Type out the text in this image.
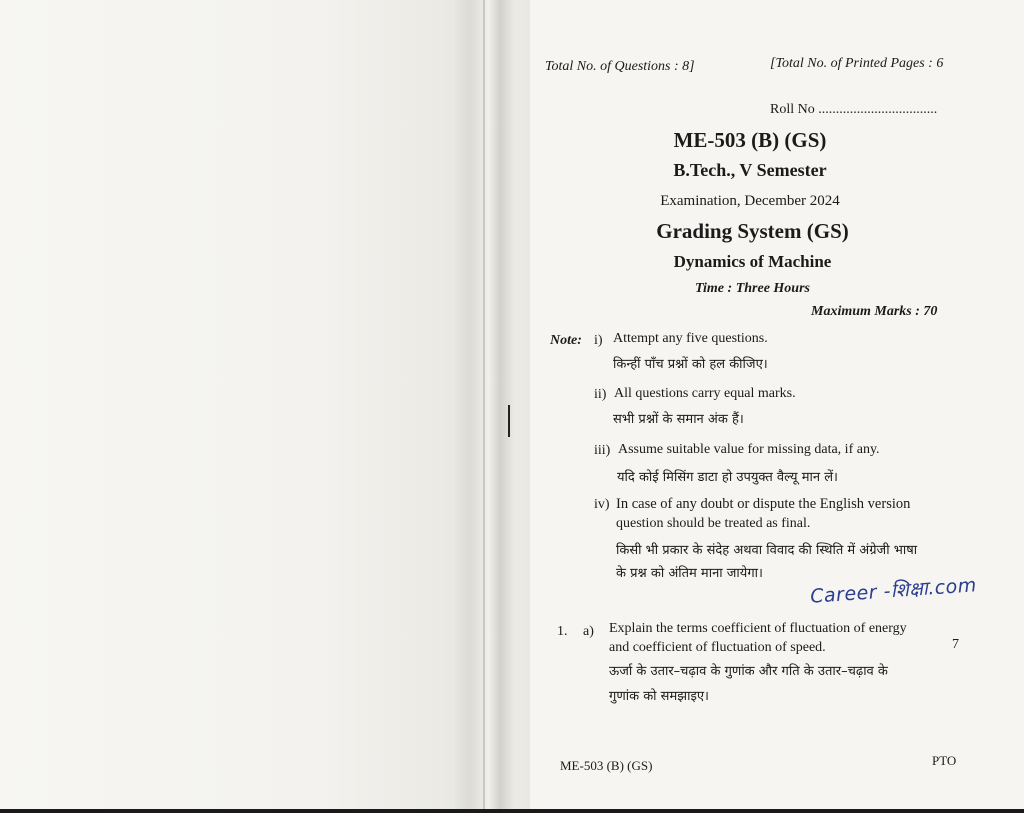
Total No. of Questions : 8]	[Total No. of Printed Pages : 6
Roll No ..................................
ME-503 (B) (GS)
B.Tech., V Semester
Examination, December 2024
Grading System (GS)
Dynamics of Machine
Time : Three Hours
Maximum Marks : 70
Note: i) Attempt any five questions.
किन्हीं पाँच प्रश्नों को हल कीजिए।
ii) All questions carry equal marks.
सभी प्रश्नों के समान अंक हैं।
iii) Assume suitable value for missing data, if any.
यदि कोई मिसिंग डाटा हो उपयुक्त वैल्यू मान लें।
iv) In case of any doubt or dispute the English version
question should be treated as final.
किसी भी प्रकार के संदेह अथवा विवाद की स्थिति में अंग्रेजी भाषा
के प्रश्न को अंतिम माना जायेगा।
Career -शिक्षा.com
1. a) Explain the terms coefficient of fluctuation of energy
and coefficient of fluctuation of speed.	7
ऊर्जा के उतार–चढ़ाव के गुणांक और गति के उतार–चढ़ाव के
गुणांक को समझाइए।
ME-503 (B) (GS)	PTO
